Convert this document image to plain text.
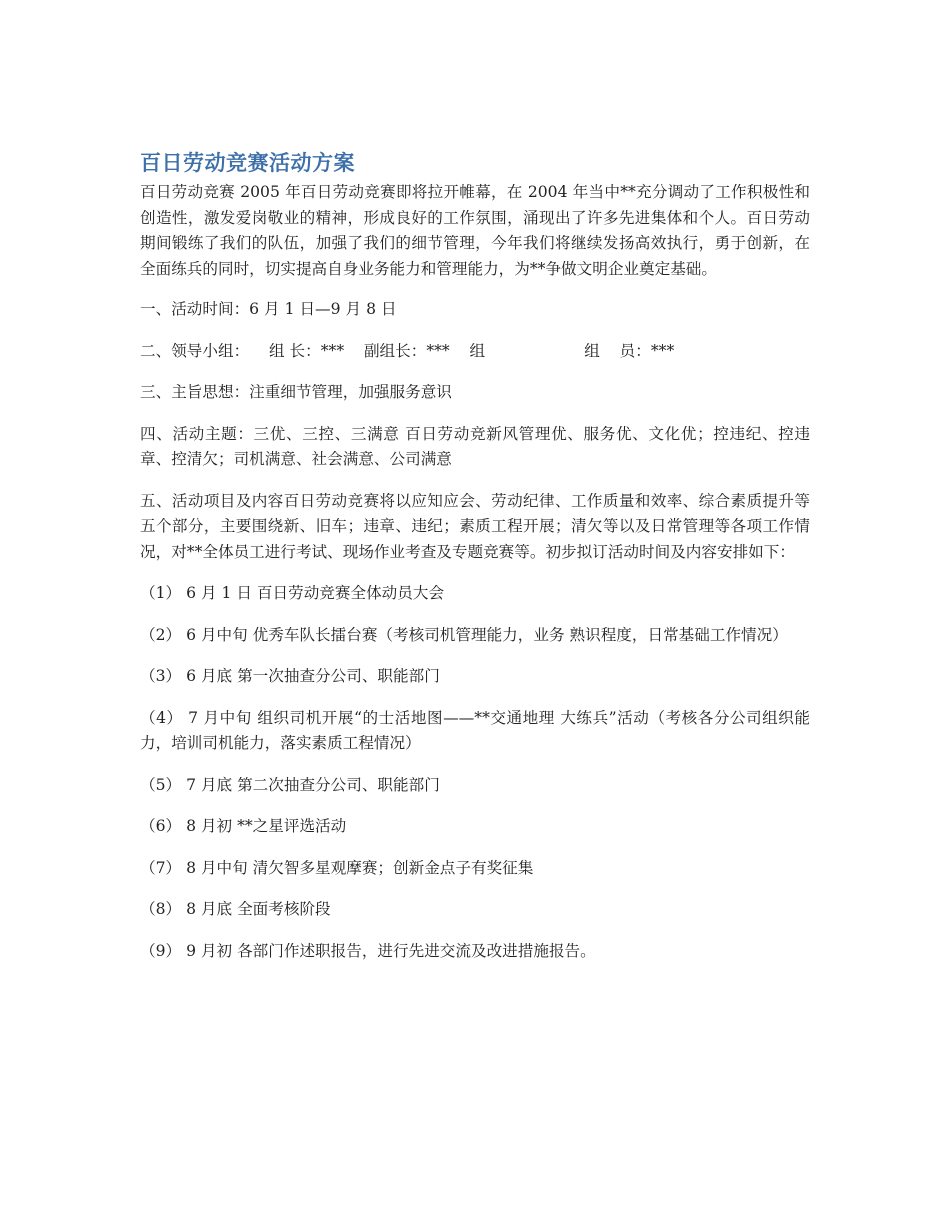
百日劳动竞赛活动方案

百日劳动竞赛 2005 年百日劳动竞赛即将拉开帷幕，在 2004 年当中**充分调动了工作积极性和创造性，激发爱岗敬业的精神，形成良好的工作氛围，涌现出了许多先进集体和个人。百日劳动期间锻练了我们的队伍，加强了我们的细节管理，今年我们将继续发扬高效执行，勇于创新，在全面练兵的同时，切实提高自身业务能力和管理能力，为**争做文明企业奠定基础。

一、活动时间：6 月 1 日—9 月 8 日

二、领导小组：    组 长：***    副组长：***    组                    组    员：***

三、主旨思想：注重细节管理，加强服务意识

四、活动主题：三优、三控、三满意 百日劳动竞新风管理优、服务优、文化优；控违纪、控违章、控清欠；司机满意、社会满意、公司满意

五、活动项目及内容百日劳动竞赛将以应知应会、劳动纪律、工作质量和效率、综合素质提升等五个部分，主要围绕新、旧车；违章、违纪；素质工程开展；清欠等以及日常管理等各项工作情况，对**全体员工进行考试、现场作业考查及专题竞赛等。初步拟订活动时间及内容安排如下：

（1） 6 月 1 日 百日劳动竞赛全体动员大会

（2） 6 月中旬 优秀车队长擂台赛（考核司机管理能力，业务 熟识程度，日常基础工作情况）

（3） 6 月底 第一次抽查分公司、职能部门

（4） 7 月中旬 组织司机开展“的士活地图——**交通地理 大练兵”活动（考核各分公司组织能力，培训司机能力，落实素质工程情况）

（5） 7 月底 第二次抽查分公司、职能部门

（6） 8 月初 **之星评选活动

（7） 8 月中旬 清欠智多星观摩赛；创新金点子有奖征集

（8） 8 月底 全面考核阶段

（9） 9 月初 各部门作述职报告，进行先进交流及改进措施报告。
